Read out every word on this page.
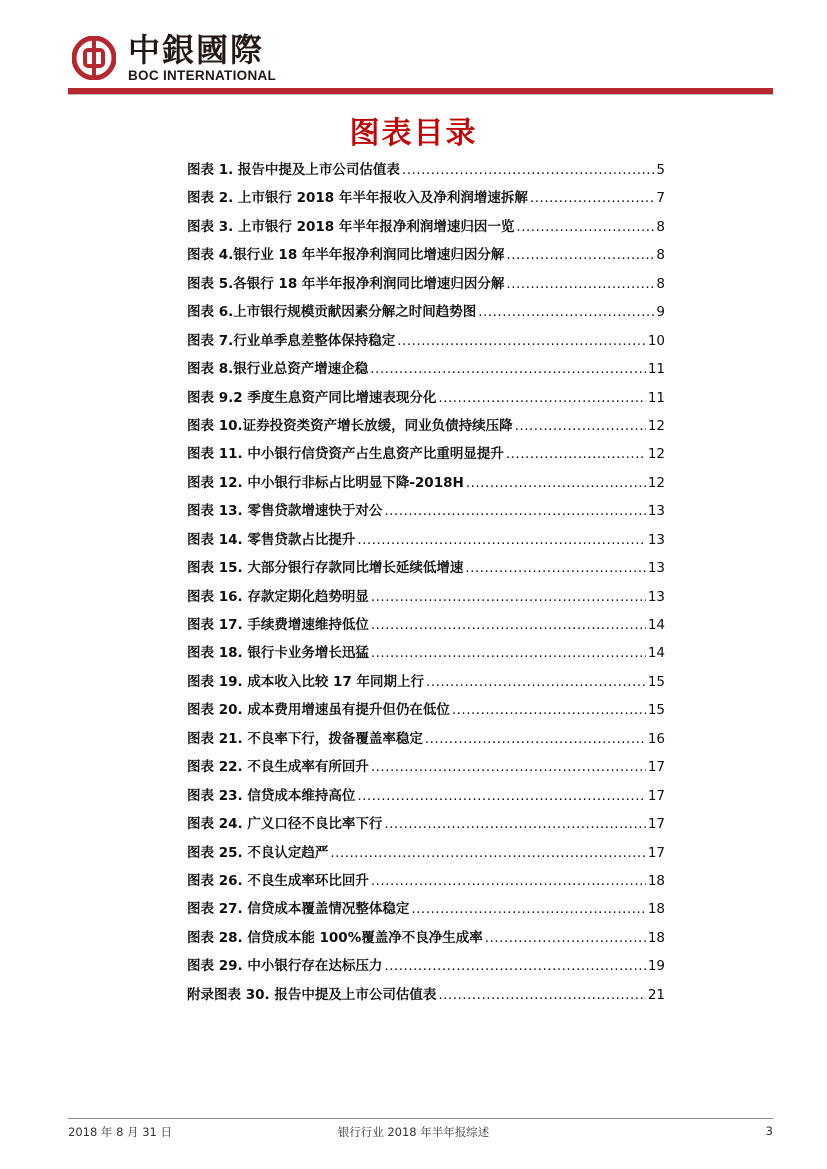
中銀國際
BOC INTERNATIONAL
图表目录
图表 1. 报告中提及上市公司估值表 .....	5
图表 2. 上市银行 2018 年半年报收入及净利润增速拆解 .....	7
图表 3. 上市银行 2018 年半年报净利润增速归因一览 .....	8
图表 4.银行业 18 年半年报净利润同比增速归因分解 .....	8
图表 5.各银行 18 年半年报净利润同比增速归因分解 .....	8
图表 6.上市银行规模贡献因素分解之时间趋势图 .....	9
图表 7.行业单季息差整体保持稳定 .....	10
图表 8.银行业总资产增速企稳 .....	11
图表 9.2 季度生息资产同比增速表现分化 .....	11
图表 10.证券投资类资产增长放缓，同业负债持续压降 .....	12
图表 11. 中小银行信贷资产占生息资产比重明显提升 .....	12
图表 12. 中小银行非标占比明显下降-2018H .....	12
图表 13. 零售贷款增速快于对公 .....	13
图表 14. 零售贷款占比提升 .....	13
图表 15. 大部分银行存款同比增长延续低增速 .....	13
图表 16. 存款定期化趋势明显 .....	13
图表 17. 手续费增速维持低位 .....	14
图表 18. 银行卡业务增长迅猛 .....	14
图表 19. 成本收入比较 17 年同期上行 .....	15
图表 20. 成本费用增速虽有提升但仍在低位 .....	15
图表 21. 不良率下行，拨备覆盖率稳定 .....	16
图表 22. 不良生成率有所回升 .....	17
图表 23. 信贷成本维持高位 .....	17
图表 24. 广义口径不良比率下行 .....	17
图表 25. 不良认定趋严 .....	17
图表 26. 不良生成率环比回升 .....	18
图表 27. 信贷成本覆盖情况整体稳定 .....	18
图表 28. 信贷成本能 100%覆盖净不良净生成率 .....	18
图表 29. 中小银行存在达标压力 .....	19
附录图表 30. 报告中提及上市公司估值表 .....	21
2018 年 8 月 31 日	银行行业 2018 年半年报综述	3
